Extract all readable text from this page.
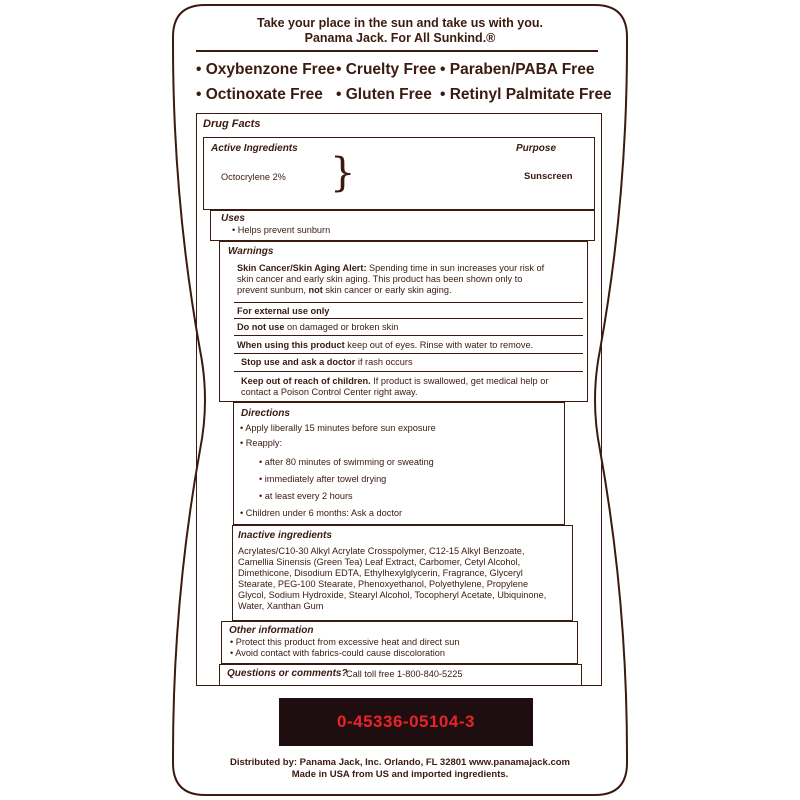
Take your place in the sun and take us with you.
Panama Jack. For All Sunkind.®
• Oxybenzone Free • Cruelty Free • Paraben/PABA Free
• Octinoxate Free • Gluten Free • Retinyl Palmitate Free
Drug Facts
Active Ingredients	Purpose
Octocrylene 2% }	Sunscreen
Uses
• Helps prevent sunburn
Warnings
Skin Cancer/Skin Aging Alert: Spending time in sun increases your risk of
skin cancer and early skin aging. This product has been shown only to
prevent sunburn, not skin cancer or early skin aging.
For external use only
Do not use on damaged or broken skin
When using this product keep out of eyes. Rinse with water to remove.
Stop use and ask a doctor if rash occurs
Keep out of reach of children. If product is swallowed, get medical help or
contact a Poison Control Center right away.
Directions
• Apply liberally 15 minutes before sun exposure
• Reapply:
• after 80 minutes of swimming or sweating
• immediately after towel drying
• at least every 2 hours
• Children under 6 months: Ask a doctor
Inactive ingredients
Acrylates/C10-30 Alkyl Acrylate Crosspolymer, C12-15 Alkyl Benzoate,
Camellia Sinensis (Green Tea) Leaf Extract, Carbomer, Cetyl Alcohol,
Dimethicone, Disodium EDTA, Ethylhexylglycerin, Fragrance, Glyceryl
Stearate, PEG-100 Stearate, Phenoxyethanol, Polyethylene, Propylene
Glycol, Sodium Hydroxide, Stearyl Alcohol, Tocopheryl Acetate, Ubiquinone,
Water, Xanthan Gum
Other information
• Protect this product from excessive heat and direct sun
• Avoid contact with fabrics-could cause discoloration
Questions or comments?
Call toll free 1-800-840-5225
0-45336-05104-3
Distributed by: Panama Jack, Inc. Orlando, FL 32801 www.panamajack.com
Made in USA from US and imported ingredients.
